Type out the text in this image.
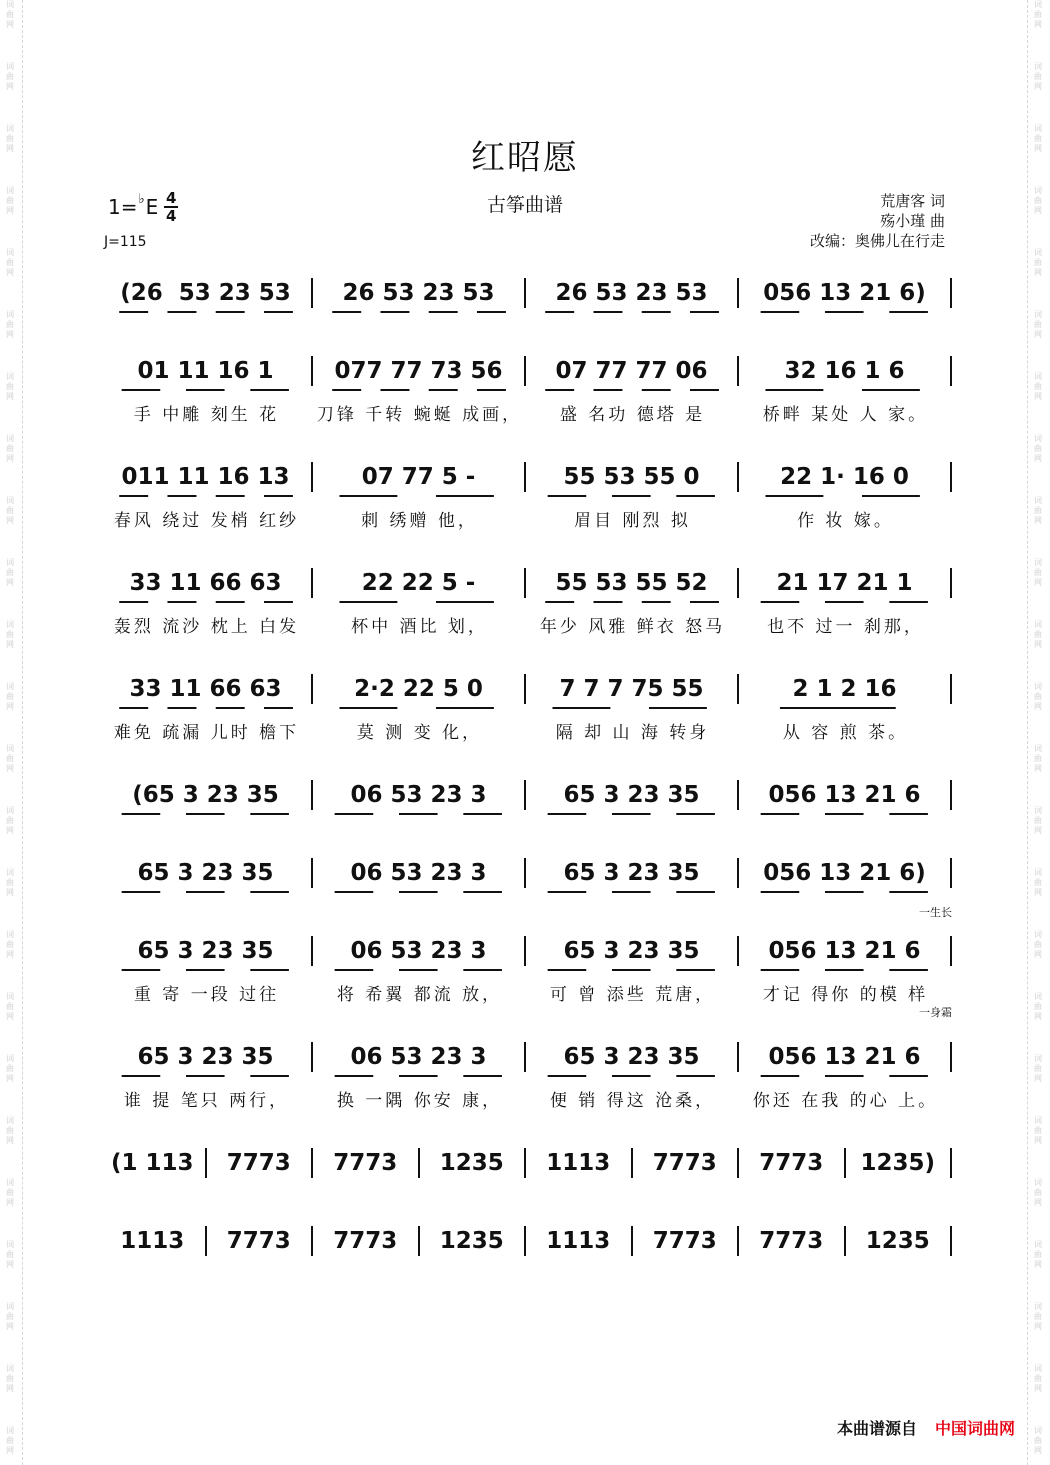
词
曲
网
词
曲
网
词
曲
网
词
曲
网
词
曲
网
词
曲
网
词
曲
网
词
曲
网
词
曲
网
词
曲
网
词
曲
网
词
曲
网
词
曲
网
词
曲
网
词
曲
网
词
曲
网
词
曲
网
词
曲
网
词
曲
网
词
曲
网
词
曲
网
词
曲
网
词
曲
网
词
曲
网
词
曲
网
词
曲
网
词
曲
网
词
曲
网
词
曲
网
词
曲
网
词
曲
网
词
曲
网
词
曲
网
词
曲
网
词
曲
网
词
曲
网
词
曲
网
词
曲
网
词
曲
网
词
曲
网
词
曲
网
词
曲
网
词
曲
网
词
曲
网
词
曲
网
词
曲
网
词
曲
网
词
曲
网
红昭愿
古筝曲谱
1= ♭ E $\frac{4}{4}$
J=115
荒唐客 词
殇小瑾 曲
改编：奥佛儿在行走
(26  53 23 53	26 53 23 53	26 53 23 53	056 13 21 6)
01 11 16 1	077 77 73 56	07 77 77 06	32 16 1 6
手 中雕 刻生 花	刀锋 千转 蜿蜒 成画，	盛 名功 德塔 是	桥畔 某处 人 家。
011 11 16 13	07 77 5 -	55 53 55 0	22 1· 16 0
春风 绕过 发梢 红纱	刺 绣赠 他，	眉目 刚烈 拟	作 妆 嫁。
33 11 66 63	22 22 5 -	55 53 55 52	21 17 21 1
轰烈 流沙 枕上 白发	杯中 酒比 划，	年少 风雅 鲜衣 怒马	也不 过一 刹那，
33 11 66 63	2·2 22 5 0	7 7 7 75 55	2 1 2 16
难免 疏漏 儿时 檐下	莫 测 变 化，	隔 却 山 海 转身	从 容 煎 茶。
(65 3 23 35	06 53 23 3	65 3 23 35	056 13 21 6
65 3 23 35	06 53 23 3	65 3 23 35	056 13 21 6)
一生长
65 3 23 35	06 53 23 3	65 3 23 35	056 13 21 6
重 寄 一段 过往	将 希翼 都流 放，	可 曾 添些 荒唐，	才记 得你 的模 样
一身霜
65 3 23 35	06 53 23 3	65 3 23 35	056 13 21 6
谁 提 笔只 两行，	换 一隅 你安 康，	便 销 得这 沧桑，	你还 在我 的心 上。
(1 113	7773	7773	1235	1113	7773	7773	1235)
1113	7773	7773	1235	1113	7773	7773	1235
本曲谱源自 中国词曲网
